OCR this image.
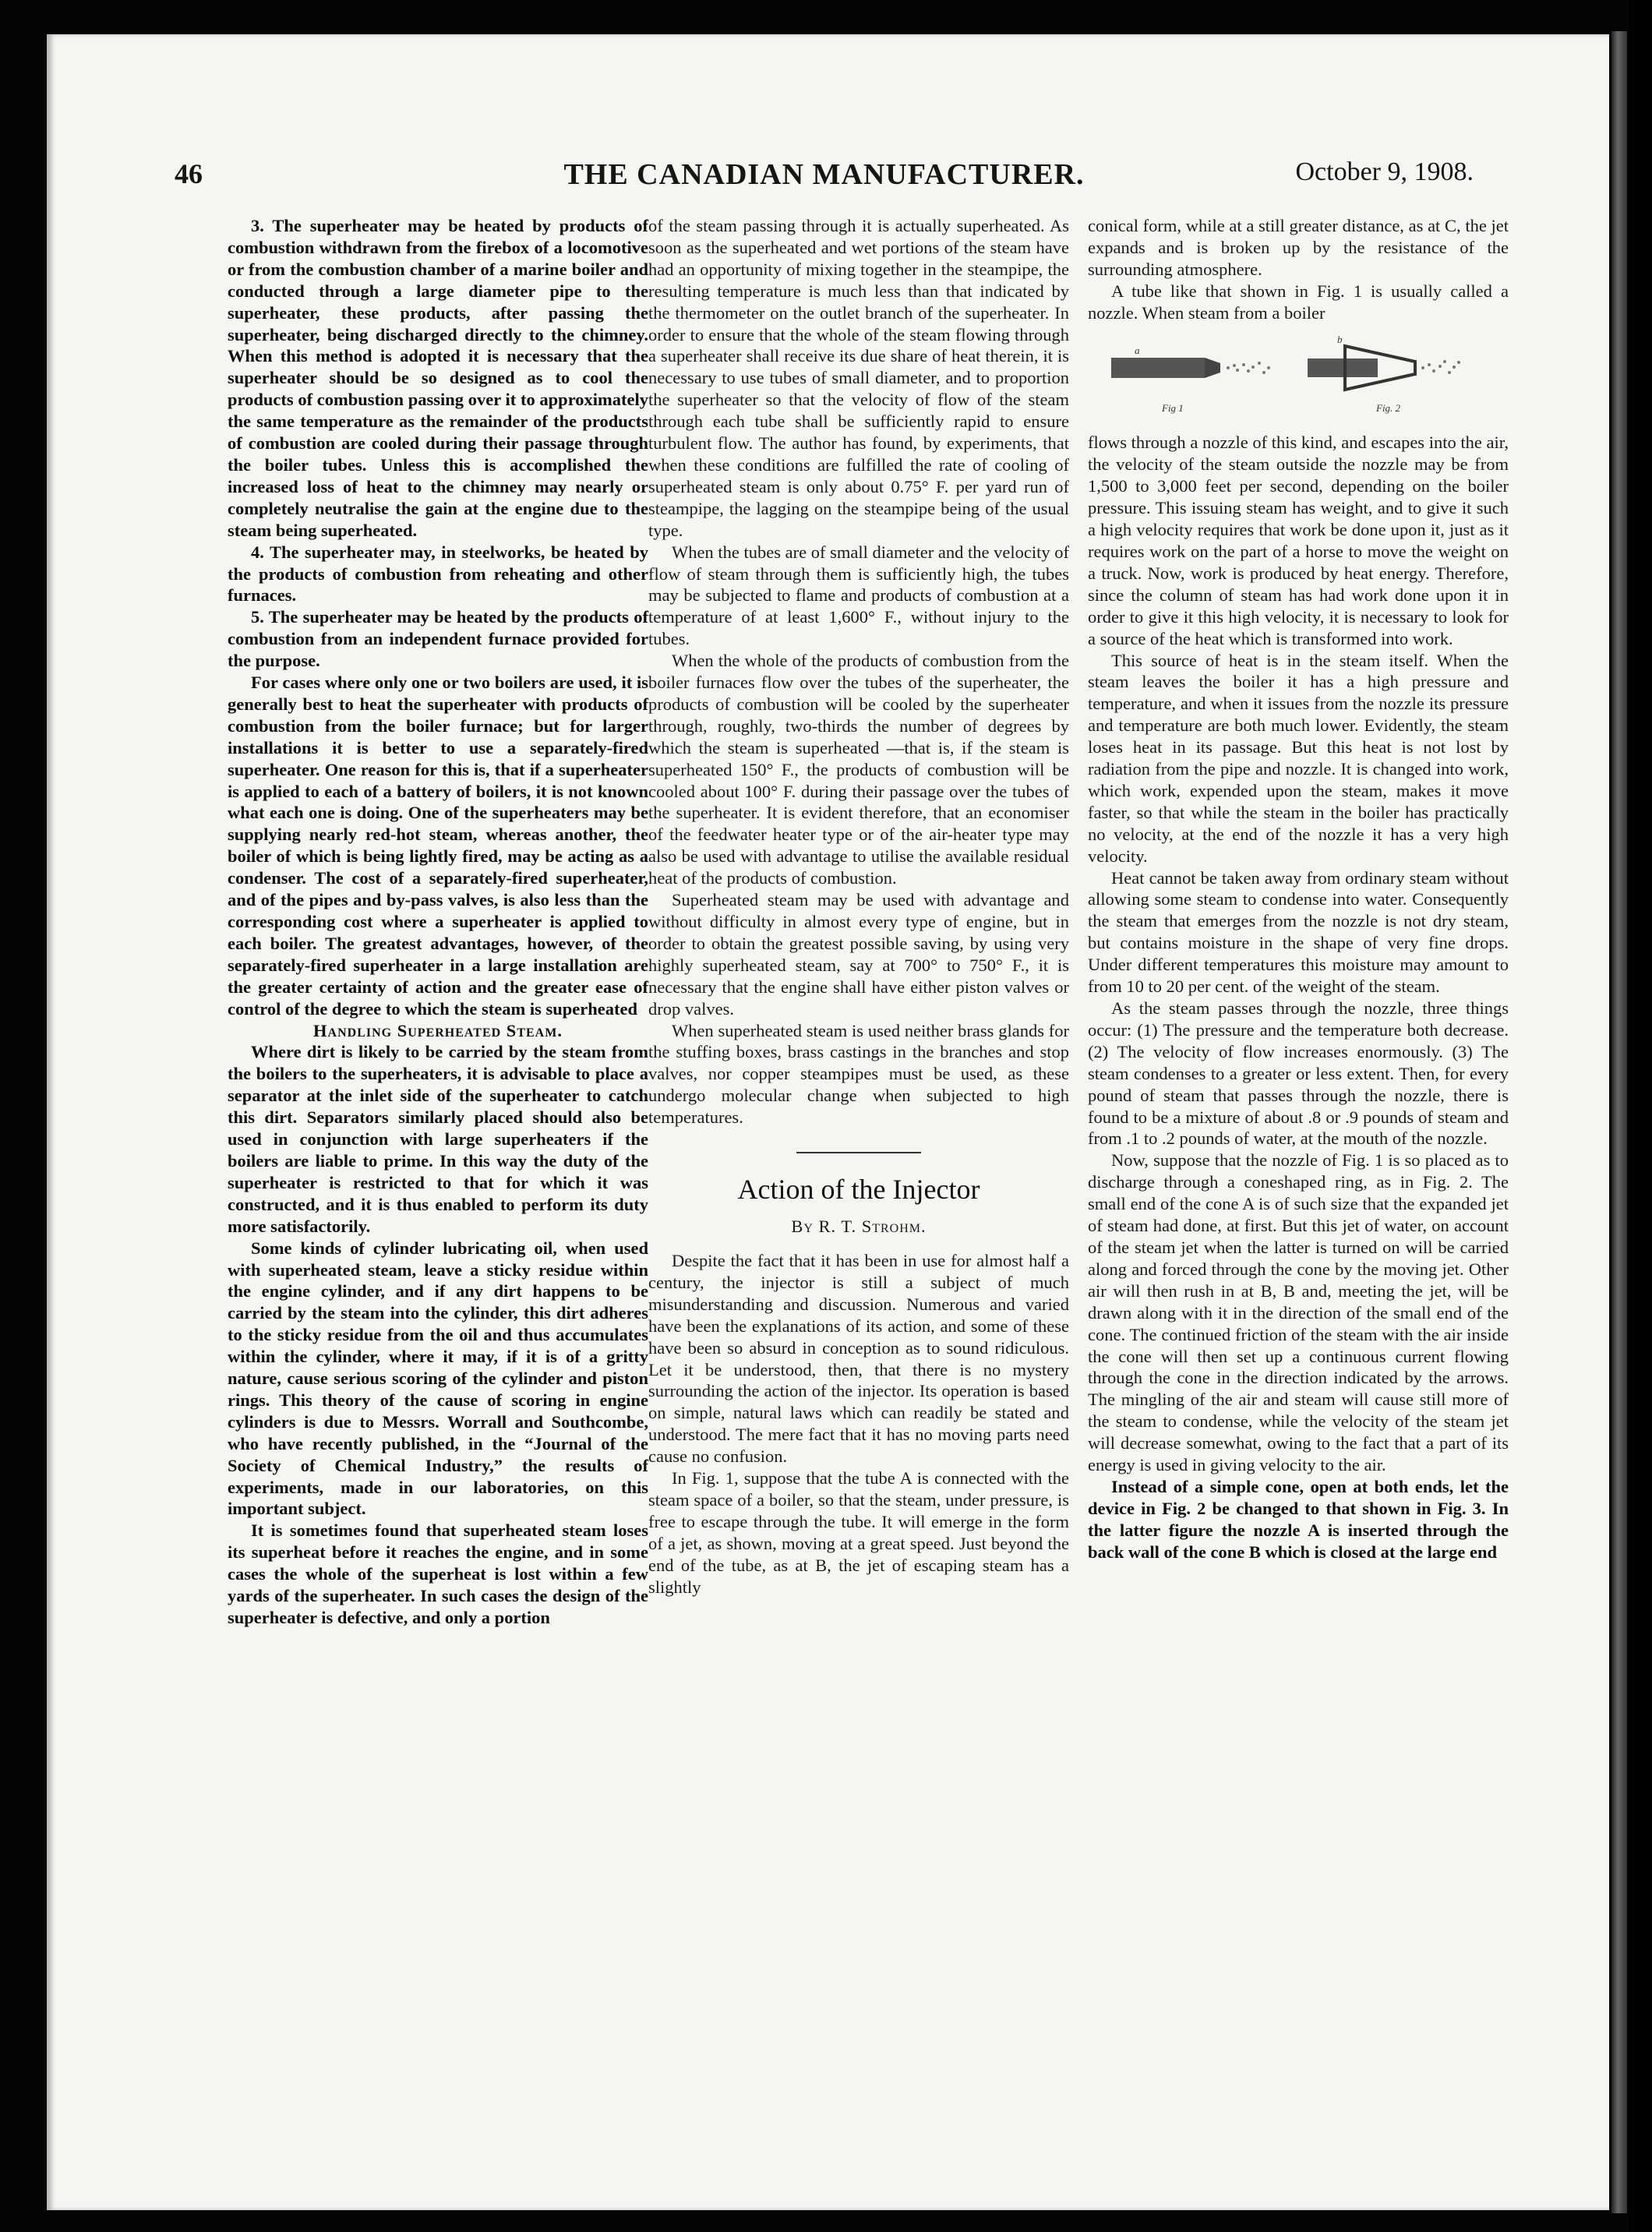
46	THE CANADIAN MANUFACTURER.	October 9, 1908.

3. The superheater may be heated by products of combustion withdrawn from the firebox of a locomotive or from the combustion chamber of a marine boiler and conducted through a large diameter pipe to the superheater, these products, after passing the superheater, being discharged directly to the chimney. When this method is adopted it is necessary that the superheater should be so designed as to cool the products of combustion passing over it to approximately the same temperature as the remainder of the products of combustion are cooled during their passage through the boiler tubes. Unless this is accomplished the increased loss of heat to the chimney may nearly or completely neutralise the gain at the engine due to the steam being superheated.

4. The superheater may, in steelworks, be heated by the products of combustion from reheating and other furnaces.

5. The superheater may be heated by the products of combustion from an independent furnace provided for the purpose.

For cases where only one or two boilers are used, it is generally best to heat the superheater with products of combustion from the boiler furnace; but for larger installations it is better to use a separately-fired superheater. One reason for this is, that if a superheater is applied to each of a battery of boilers, it is not known what each one is doing. One of the superheaters may be supplying nearly red-hot steam, whereas another, the boiler of which is being lightly fired, may be acting as a condenser. The cost of a separately-fired superheater, and of the pipes and by-pass valves, is also less than the corresponding cost where a superheater is applied to each boiler. The greatest advantages, however, of the separately-fired superheater in a large installation are the greater certainty of action and the greater ease of control of the degree to which the steam is superheated

Handling Superheated Steam.

Where dirt is likely to be carried by the steam from the boilers to the superheaters, it is advisable to place a separator at the inlet side of the superheater to catch this dirt. Separators similarly placed should also be used in conjunction with large superheaters if the boilers are liable to prime. In this way the duty of the superheater is restricted to that for which it was constructed, and it is thus enabled to perform its duty more satisfactorily.

Some kinds of cylinder lubricating oil, when used with superheated steam, leave a sticky residue within the engine cylinder, and if any dirt happens to be carried by the steam into the cylinder, this dirt adheres to the sticky residue from the oil and thus accumulates within the cylinder, where it may, if it is of a gritty nature, cause serious scoring of the cylinder and piston rings. This theory of the cause of scoring in engine cylinders is due to Messrs. Worrall and Southcombe, who have recently published, in the “Journal of the Society of Chemical Industry,” the results of experiments, made in our laboratories, on this important subject.

It is sometimes found that superheated steam loses its superheat before it reaches the engine, and in some cases the whole of the superheat is lost within a few yards of the superheater. In such cases the design of the superheater is defective, and only a portion

of the steam passing through it is actually superheated. As soon as the superheated and wet portions of the steam have had an opportunity of mixing together in the steampipe, the resulting temperature is much less than that indicated by the thermometer on the outlet branch of the superheater. In order to ensure that the whole of the steam flowing through a superheater shall receive its due share of heat therein, it is necessary to use tubes of small diameter, and to proportion the superheater so that the velocity of flow of the steam through each tube shall be sufficiently rapid to ensure turbulent flow. The author has found, by experiments, that when these conditions are fulfilled the rate of cooling of superheated steam is only about 0.75° F. per yard run of steampipe, the lagging on the steampipe being of the usual type.

When the tubes are of small diameter and the velocity of flow of steam through them is sufficiently high, the tubes may be subjected to flame and products of combustion at a temperature of at least 1,600° F., without injury to the tubes.

When the whole of the products of combustion from the boiler furnaces flow over the tubes of the superheater, the products of combustion will be cooled by the superheater through, roughly, two-thirds the number of degrees by which the steam is superheated —that is, if the steam is superheated 150° F., the products of combustion will be cooled about 100° F. during their passage over the tubes of the superheater. It is evident therefore, that an economiser of the feedwater heater type or of the air-heater type may also be used with advantage to utilise the available residual heat of the products of combustion.

Superheated steam may be used with advantage and without difficulty in almost every type of engine, but in order to obtain the greatest possible saving, by using very highly superheated steam, say at 700° to 750° F., it is necessary that the engine shall have either piston valves or drop valves.

When superheated steam is used neither brass glands for the stuffing boxes, brass castings in the branches and stop valves, nor copper steampipes must be used, as these undergo molecular change when subjected to high temperatures.

Action of the Injector
By R. T. Strohm.

Despite the fact that it has been in use for almost half a century, the injector is still a subject of much misunderstanding and discussion. Numerous and varied have been the explanations of its action, and some of these have been so absurd in conception as to sound ridiculous. Let it be understood, then, that there is no mystery surrounding the action of the injector. Its operation is based on simple, natural laws which can readily be stated and understood. The mere fact that it has no moving parts need cause no confusion.

In Fig. 1, suppose that the tube A is connected with the steam space of a boiler, so that the steam, under pressure, is free to escape through the tube. It will emerge in the form of a jet, as shown, moving at a great speed. Just beyond the end of the tube, as at B, the jet of escaping steam has a slightly

conical form, while at a still greater distance, as at C, the jet expands and is broken up by the resistance of the surrounding atmosphere.

A tube like that shown in Fig. 1 is usually called a nozzle. When steam from a boiler

a
Fig 1
b
Fig. 2

flows through a nozzle of this kind, and escapes into the air, the velocity of the steam outside the nozzle may be from 1,500 to 3,000 feet per second, depending on the boiler pressure. This issuing steam has weight, and to give it such a high velocity requires that work be done upon it, just as it requires work on the part of a horse to move the weight on a truck. Now, work is produced by heat energy. Therefore, since the column of steam has had work done upon it in order to give it this high velocity, it is necessary to look for a source of the heat which is transformed into work.

This source of heat is in the steam itself. When the steam leaves the boiler it has a high pressure and temperature, and when it issues from the nozzle its pressure and temperature are both much lower. Evidently, the steam loses heat in its passage. But this heat is not lost by radiation from the pipe and nozzle. It is changed into work, which work, expended upon the steam, makes it move faster, so that while the steam in the boiler has practically no velocity, at the end of the nozzle it has a very high velocity.

Heat cannot be taken away from ordinary steam without allowing some steam to condense into water. Consequently the steam that emerges from the nozzle is not dry steam, but contains moisture in the shape of very fine drops. Under different temperatures this moisture may amount to from 10 to 20 per cent. of the weight of the steam.

As the steam passes through the nozzle, three things occur: (1) The pressure and the temperature both decrease. (2) The velocity of flow increases enormously. (3) The steam condenses to a greater or less extent. Then, for every pound of steam that passes through the nozzle, there is found to be a mixture of about .8 or .9 pounds of steam and from .1 to .2 pounds of water, at the mouth of the nozzle.

Now, suppose that the nozzle of Fig. 1 is so placed as to discharge through a coneshaped ring, as in Fig. 2. The small end of the cone A is of such size that the expanded jet of steam had done, at first. But this jet of water, on account of the steam jet when the latter is turned on will be carried along and forced through the cone by the moving jet. Other air will then rush in at B, B and, meeting the jet, will be drawn along with it in the direction of the small end of the cone. The continued friction of the steam with the air inside the cone will then set up a continuous current flowing through the cone in the direction indicated by the arrows. The mingling of the air and steam will cause still more of the steam to condense, while the velocity of the steam jet will decrease somewhat, owing to the fact that a part of its energy is used in giving velocity to the air.

Instead of a simple cone, open at both ends, let the device in Fig. 2 be changed to that shown in Fig. 3. In the latter figure the nozzle A is inserted through the back wall of the cone B which is closed at the large end
